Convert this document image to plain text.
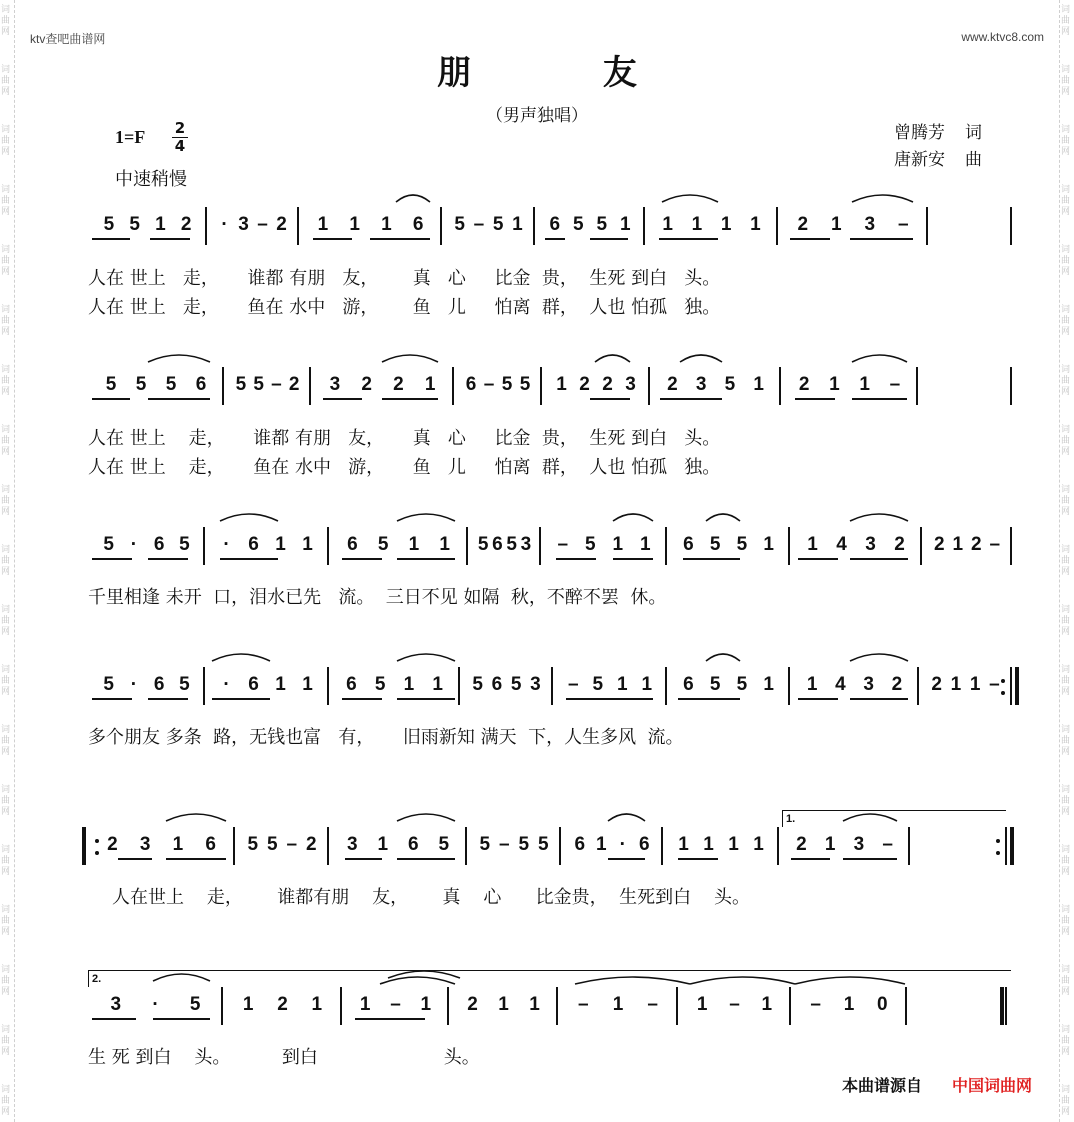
词
曲
网
词
曲
网
词
曲
网
词
曲
网
词
曲
网
词
曲
网
词
曲
网
词
曲
网
词
曲
网
词
曲
网
词
曲
网
词
曲
网
词
曲
网
词
曲
网
词
曲
网
词
曲
网
词
曲
网
词
曲
网
词
曲
网
词
曲
网
词
曲
网
词
曲
网
词
曲
网
词
曲
网
词
曲
网
词
曲
网
词
曲
网
词
曲
网
词
曲
网
词
曲
网
词
曲
网
词
曲
网
词
曲
网
词
曲
网
词
曲
网
词
曲
网
词
曲
网
词
曲
网
ktv查吧曲谱网	www.ktvc8.com
朋 友
（男声独唱）
曾腾芳 词
唐新安 曲
1=F 2
4
中速稍慢
5 5 1 2 · 3 – 2 1 1 1 6 5 – 5 1 6 5 5 1 1 1 1 1 2 1 3 –
人在 世上   走，     谁都 有朋   友，      真   心     比金  贵，  生死 到白   头。
人在 世上   走，     鱼在 水中   游，      鱼   儿     怕离  群，  人也 怕孤   独。
5 5 5 6 5 5 – 2 3 2 2 1 6 – 5 5 1 2 2 3 2 3 5 1 2 1 1 –
人在 世上    走，     谁都 有朋   友，     真   心     比金  贵，  生死 到白   头。
人在 世上    走，     鱼在 水中   游，     鱼   儿     怕离  群，  人也 怕孤   独。
5 · 6 5 · 6 1 1 6 5 1 1 5 6 5 3 – 5 1 1 6 5 5 1 1 4 3 2 2 1 2 –
千里相逢 未开  口，泪水已先   流。  三日不见 如隔  秋，不醉不罢  休。
5 · 6 5 · 6 1 1 6 5 1 1 5 6 5 3 – 5 1 1 6 5 5 1 1 4 3 2 2 1 1 –
多个朋友 多条  路，无钱也富   有，     旧雨新知 满天  下，人生多风  流。
1.
2 3 1 6 5 5 – 2 3 1 6 5 5 – 5 5 6 1 · 6 1 1 1 1 2 1 3 –
人在世上    走，      谁都有朋    友，      真    心      比金贵，  生死到白    头。
2.
3 · 5 1 2 1 1 – 1 2 1 1 – 1 – 1 – 1 – 1 0
生 死 到白    头。         到白                      头。
本曲谱源自 中国词曲网
